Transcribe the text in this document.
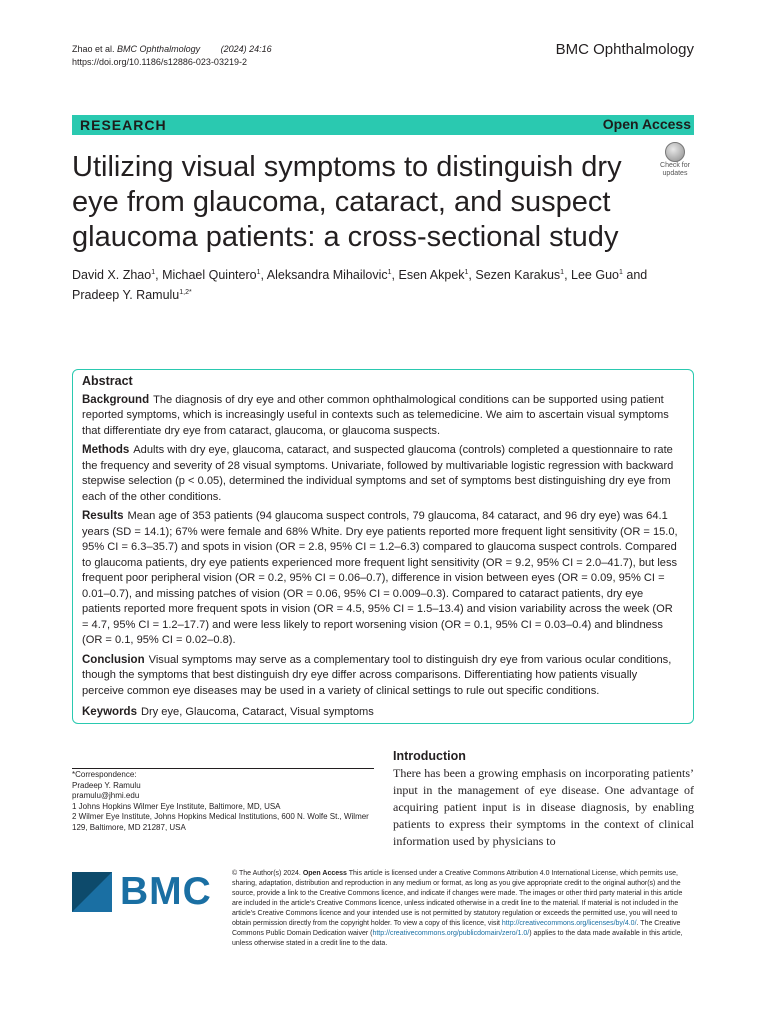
Zhao et al. BMC Ophthalmology (2024) 24:16
https://doi.org/10.1186/s12886-023-03219-2
BMC Ophthalmology
RESEARCH	Open Access
Utilizing visual symptoms to distinguish dry eye from glaucoma, cataract, and suspect glaucoma patients: a cross-sectional study
Check for
updates
David X. Zhao$^1$, Michael Quintero$^1$, Aleksandra Mihailovic$^1$, Esen Akpek$^1$, Sezen Karakus$^1$, Lee Guo$^1$ and
Pradeep Y. Ramulu$^{1,2*}$
Abstract

Background The diagnosis of dry eye and other common ophthalmological conditions can be supported using patient reported symptoms, which is increasingly useful in contexts such as telemedicine. We aim to ascertain visual symptoms that differentiate dry eye from cataract, glaucoma, or glaucoma suspects.

Methods Adults with dry eye, glaucoma, cataract, and suspected glaucoma (controls) completed a questionnaire to rate the frequency and severity of 28 visual symptoms. Univariate, followed by multivariable logistic regression with backward stepwise selection (p < 0.05), determined the individual symptoms and set of symptoms best distinguishing dry eye from each of the other conditions.

Results Mean age of 353 patients (94 glaucoma suspect controls, 79 glaucoma, 84 cataract, and 96 dry eye) was 64.1 years (SD = 14.1); 67% were female and 68% White. Dry eye patients reported more frequent light sensitivity (OR = 15.0, 95% CI = 6.3–35.7) and spots in vision (OR = 2.8, 95% CI = 1.2–6.3) compared to glaucoma suspect controls. Compared to glaucoma patients, dry eye patients experienced more frequent light sensitivity (OR = 9.2, 95% CI = 2.0–41.7), but less frequent poor peripheral vision (OR = 0.2, 95% CI = 0.06–0.7), difference in vision between eyes (OR = 0.09, 95% CI = 0.01–0.7), and missing patches of vision (OR = 0.06, 95% CI = 0.009–0.3). Compared to cataract patients, dry eye patients reported more frequent spots in vision (OR = 4.5, 95% CI = 1.5–13.4) and vision variability across the week (OR = 4.7, 95% CI = 1.2–17.7) and were less likely to report worsening vision (OR = 0.1, 95% CI = 0.03–0.4) and blindness (OR = 0.1, 95% CI = 0.02–0.8).

Conclusion Visual symptoms may serve as a complementary tool to distinguish dry eye from various ocular conditions, though the symptoms that best distinguish dry eye differ across comparisons. Differentiating how patients visually perceive common eye diseases may be used in a variety of clinical settings to rule out specific conditions.

Keywords Dry eye, Glaucoma, Cataract, Visual symptoms

*Correspondence:
Pradeep Y. Ramulu
pramulu@jhmi.edu
1 Johns Hopkins Wilmer Eye Institute, Baltimore, MD, USA
2 Wilmer Eye Institute, Johns Hopkins Medical Institutions, 600 N. Wolfe St., Wilmer 129, Baltimore, MD 21287, USA
Introduction
There has been a growing emphasis on incorporating patients’ input in the management of eye disease. One advantage of acquiring patient input is in disease diagnosis, by enabling patients to express their symptoms in the context of clinical information used by physicians to
BMC	© The Author(s) 2024. Open Access This article is licensed under a Creative Commons Attribution 4.0 International License, which permits use, sharing, adaptation, distribution and reproduction in any medium or format, as long as you give appropriate credit to the original author(s) and the source, provide a link to the Creative Commons licence, and indicate if changes were made. The images or other third party material in this article are included in the article’s Creative Commons licence, unless indicated otherwise in a credit line to the material. If material is not included in the article’s Creative Commons licence and your intended use is not permitted by statutory regulation or exceeds the permitted use, you will need to obtain permission directly from the copyright holder. To view a copy of this licence, visit http://creativecommons.org/licenses/by/4.0/. The Creative Commons Public Domain Dedication waiver (http://creativecommons.org/publicdomain/zero/1.0/) applies to the data made available in this article, unless otherwise stated in a credit line to the data.
